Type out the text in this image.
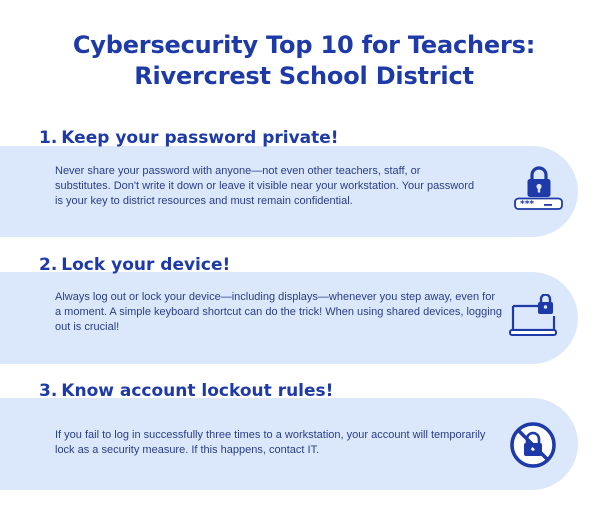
Cybersecurity Top 10 for Teachers:
Rivercrest School District
1. Keep your password private!
Never share your password with anyone—not even other teachers, staff, or substitutes. Don't write it down or leave it visible near your workstation. Your password is your key to district resources and must remain confidential.	***
2. Lock your device!
Always log out or lock your device—including displays—whenever you step away, even for a moment. A simple keyboard shortcut can do the trick! When using shared devices, logging out is crucial!
3. Know account lockout rules!
If you fail to log in successfully three times to a workstation, your account will temporarily lock as a security measure. If this happens, contact IT.
